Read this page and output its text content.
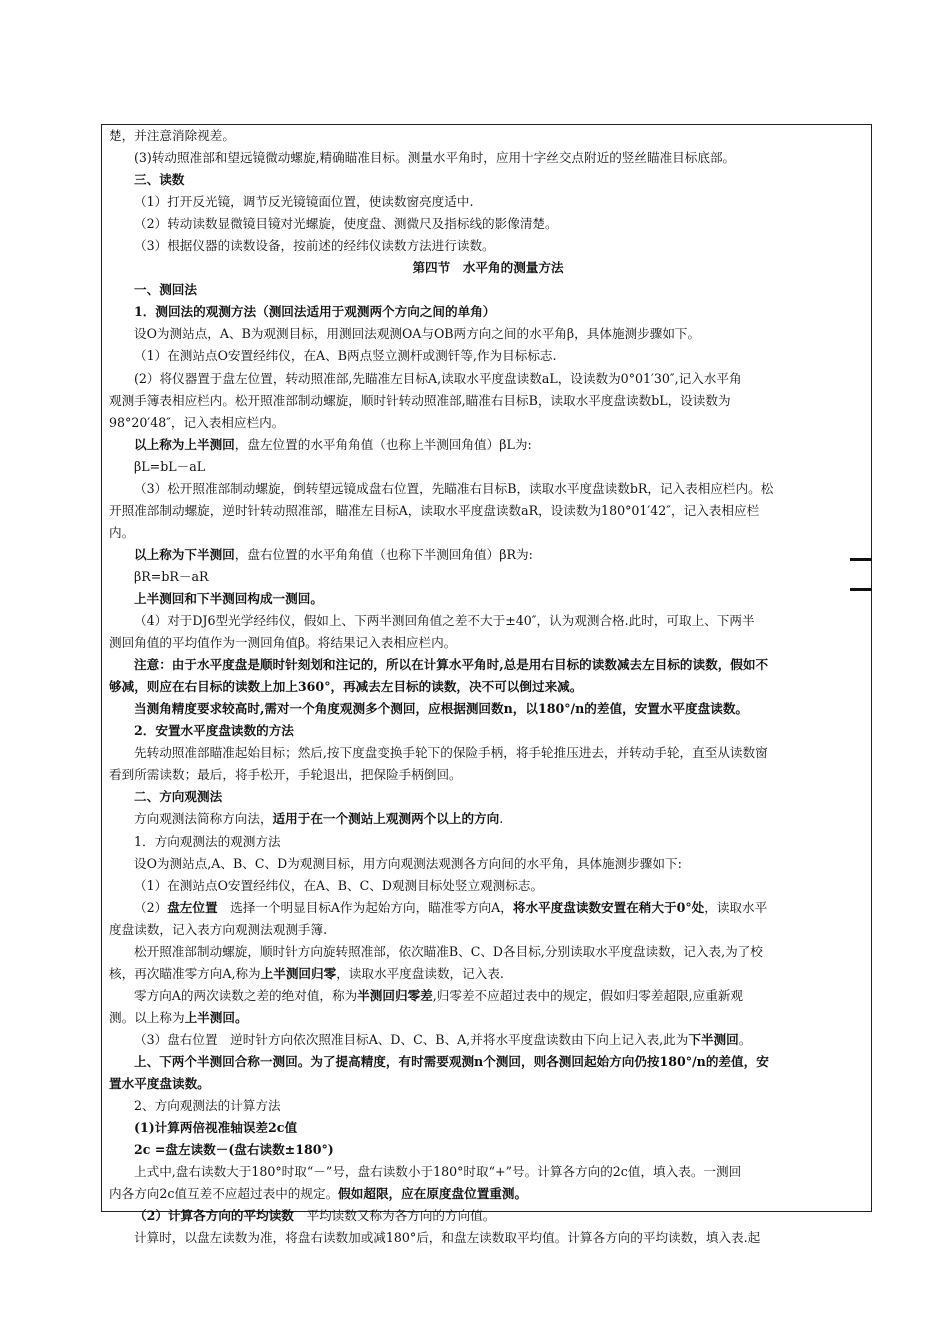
楚，并注意消除视差。
(3)转动照准部和望远镜微动螺旋,精确瞄准目标。测量水平角时，应用十字丝交点附近的竖丝瞄准目标底部。
三、读数
（1）打开反光镜，调节反光镜镜面位置，使读数窗亮度适中.
（2）转动读数显微镜目镜对光螺旋，使度盘、测微尺及指标线的影像清楚。
（3）根据仪器的读数设备，按前述的经纬仪读数方法进行读数。
第四节　水平角的测量方法
一、测回法
1．测回法的观测方法（测回法适用于观测两个方向之间的单角）
设O为测站点，A、B为观测目标，用测回法观测OA与OB两方向之间的水平角β，具体施测步骤如下。
（1）在测站点O安置经纬仪，在A、B两点竖立测杆或测钎等,作为目标标志.
(2）将仪器置于盘左位置，转动照准部,先瞄准左目标A,读取水平度盘读数aL，设读数为0°01′30″,记入水平角
观测手簿表相应栏内。松开照准部制动螺旋，顺时针转动照准部,瞄准右目标B，读取水平度盘读数bL，设读数为
98°20′48″，记入表相应栏内。
以上称为上半测回，盘左位置的水平角角值（也称上半测回角值）βL为:
βL=bL－aL
（3）松开照准部制动螺旋，倒转望远镜成盘右位置，先瞄准右目标B，读取水平度盘读数bR，记入表相应栏内。松
开照准部制动螺旋，逆时针转动照准部，瞄准左目标A，读取水平度盘读数aR，设读数为180°01′42″，记入表相应栏
内。
以上称为下半测回，盘右位置的水平角角值（也称下半测回角值）βR为:
βR=bR－aR
上半测回和下半测回构成一测回。
（4）对于DJ6型光学经纬仪，假如上、下两半测回角值之差不大于±40″，认为观测合格.此时，可取上、下两半
测回角值的平均值作为一测回角值β。将结果记入表相应栏内。
注意：由于水平度盘是顺时针刻划和注记的，所以在计算水平角时,总是用右目标的读数减去左目标的读数，假如不
够减，则应在右目标的读数上加上360°，再减去左目标的读数，决不可以倒过来减。
当测角精度要求较高时,需对一个角度观测多个测回，应根据测回数n，以180°/n的差值，安置水平度盘读数。
2．安置水平度盘读数的方法
先转动照准部瞄准起始目标；然后,按下度盘变换手轮下的保险手柄，将手轮推压进去，并转动手轮，直至从读数窗
看到所需读数；最后，将手松开，手轮退出，把保险手柄倒回。
二、方向观测法
方向观测法简称方向法，适用于在一个测站上观测两个以上的方向.
1．方向观测法的观测方法
设O为测站点,A、B、C、D为观测目标，用方向观测法观测各方向间的水平角，具体施测步骤如下:
（1）在测站点O安置经纬仪，在A、B、C、D观测目标处竖立观测标志。
（2）盘左位置　选择一个明显目标A作为起始方向，瞄准零方向A，将水平度盘读数安置在稍大于0°处，读取水平
度盘读数，记入表方向观测法观测手簿.
松开照准部制动螺旋，顺时针方向旋转照准部，依次瞄准B、C、D各目标,分别读取水平度盘读数，记入表,为了校
核，再次瞄准零方向A,称为上半测回归零，读取水平度盘读数，记入表.
零方向A的两次读数之差的绝对值，称为半测回归零差,归零差不应超过表中的规定，假如归零差超限,应重新观
测。以上称为上半测回。
（3）盘右位置　逆时针方向依次照准目标A、D、C、B、A,并将水平度盘读数由下向上记入表,此为下半测回。
上、下两个半测回合称一测回。为了提高精度，有时需要观测n个测回，则各测回起始方向仍按180°/n的差值，安
置水平度盘读数。
2、方向观测法的计算方法
(1)计算两倍视准轴误差2c值
2c =盘左读数－(盘右读数±180°)
上式中,盘右读数大于180°时取“－”号，盘右读数小于180°时取“+”号。计算各方向的2c值，填入表。一测回
内各方向2c值互差不应超过表中的规定。假如超限，应在原度盘位置重测。
（2）计算各方向的平均读数　平均读数又称为各方向的方向值。
计算时，以盘左读数为准，将盘右读数加或减180°后，和盘左读数取平均值。计算各方向的平均读数，填入表.起
